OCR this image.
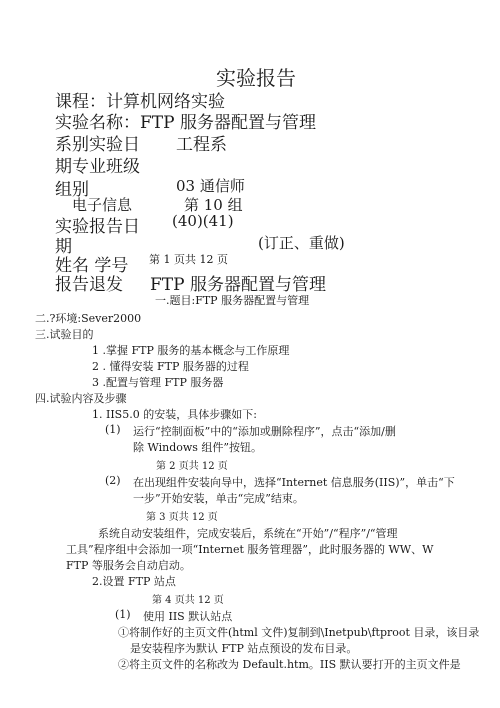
实验报告
课程：计算机网络实验
实验名称：FTP 服务器配置与管理
系别实验日 工程系
期专业班级
组别	03 通信师
电子信息	第 10 组
实验报告日 (40)(41)
期	(订正、重做)
姓名 学号 第 1 页共 12 页
报告退发 FTP 服务器配置与管理
一.题目:FTP 服务器配置与管理
二.?环境:Sever2000
三.试验目的
1 .掌握 FTP 服务的基本概念与工作原理
2 . 懂得安装 FTP 服务器的过程
3 .配置与管理 FTP 服务器
四.试验内容及步骤
1. IIS5.0 的安装，具体步骤如下:
(1) 运行“控制面板”中的“添加或删除程序”，点击“添加/删
除 Windows 组件”按钮。
第 2 页共 12 页
(2) 在出现组件安装向导中，选择“Internet 信息服务(IIS)”，单击“下
一步”开始安装，单击“完成”结束。
第 3 页共 12 页
系统自动安装组件，完成安装后，系统在“开始”/“程序”/“管理
工具”程序组中会添加一项“Internet 服务管理器”，此时服务器的 WW、W
FTP 等服务会自动启动。
2.设置 FTP 站点
第 4 页共 12 页
(1) 使用 IIS 默认站点
①将制作好的主页文件(html 文件)复制到\Inetpub\ftproot 目录，该目录
是安装程序为默认 FTP 站点预设的发布目录。
②将主页文件的名称改为 Default.htm。IIS 默认要打开的主页文件是
